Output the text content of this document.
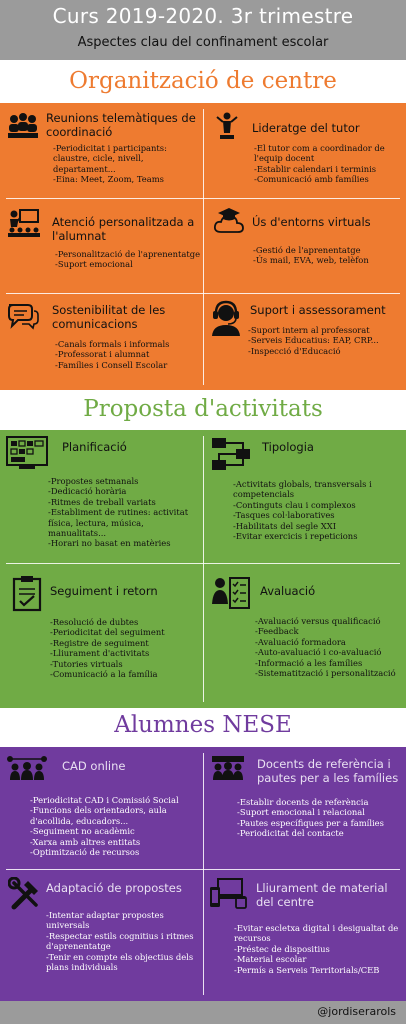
Curs 2019-2020. 3r trimestre
Aspectes clau del confinament escolar
Organització de centre
Reunions telemàtiques de coordinació
- Periodicitat i participants: claustre, cicle, nivell, departament...
- Eina: Meet, Zoom, Teams
Lideratge del tutor
- El tutor com a coordinador de l'equip docent
- Establir calendari i terminis
- Comunicació amb famílies
Atenció personalitzada a l'alumnat
- Personalització de l'aprenentatge
- Suport emocional
Ús d'entorns virtuals
- Gestió de l'aprenentatge
- Ús mail, EVA, web, telèfon
Sostenibilitat de les comunicacions
- Canals formals i informals
- Professorat i alumnat
- Famílies i Consell Escolar
Suport i assessorament
- Suport intern al professorat
- Serveis Educatius: EAP, CRP...
- Inspecció d'Educació
Proposta d'activitats
Planificació
- Propostes setmanals
- Dedicació horària
- Ritmes de treball variats
- Establiment de rutines: activitat física, lectura, música, manualitats...
- Horari no basat en matèries
Tipologia
- Activitats globals, transversals i competencials
- Continguts clau i complexos
- Tasques col·laboratives
- Habilitats del segle XXI
- Evitar exercicis i repeticions
Seguiment i retorn
- Resolució de dubtes
- Periodicitat del seguiment
- Registre de seguiment
- Lliurament d'activitats
- Tutories virtuals
- Comunicació a la família
Avaluació
- Avaluació versus qualificació
- Feedback
- Avaluació formadora
- Auto-avaluació i co-avaluació
- Informació a les famílies
- Sistematització i personalització
Alumnes NESE
CAD online
- Periodicitat CAD i Comissió Social
- Funcions dels orientadors, aula d'acollida, educadors...
- Seguiment no acadèmic
- Xarxa amb altres entitats
- Optimització de recursos
Docents de referència i pautes per a les famílies
- Establir docents de referència
- Suport emocional i relacional
- Pautes específiques per a famílies
- Periodicitat del contacte
Adaptació de propostes
- Intentar adaptar propostes universals
- Respectar estils cognitius i ritmes d'aprenentatge
- Tenir en compte els objectius dels plans individuals
Lliurament de material del centre
- Evitar escletxa digital i desigualtat de recursos
- Préstec de dispositius
- Material escolar
- Permís a Serveis Territorials/CEB
@jordiserarols
